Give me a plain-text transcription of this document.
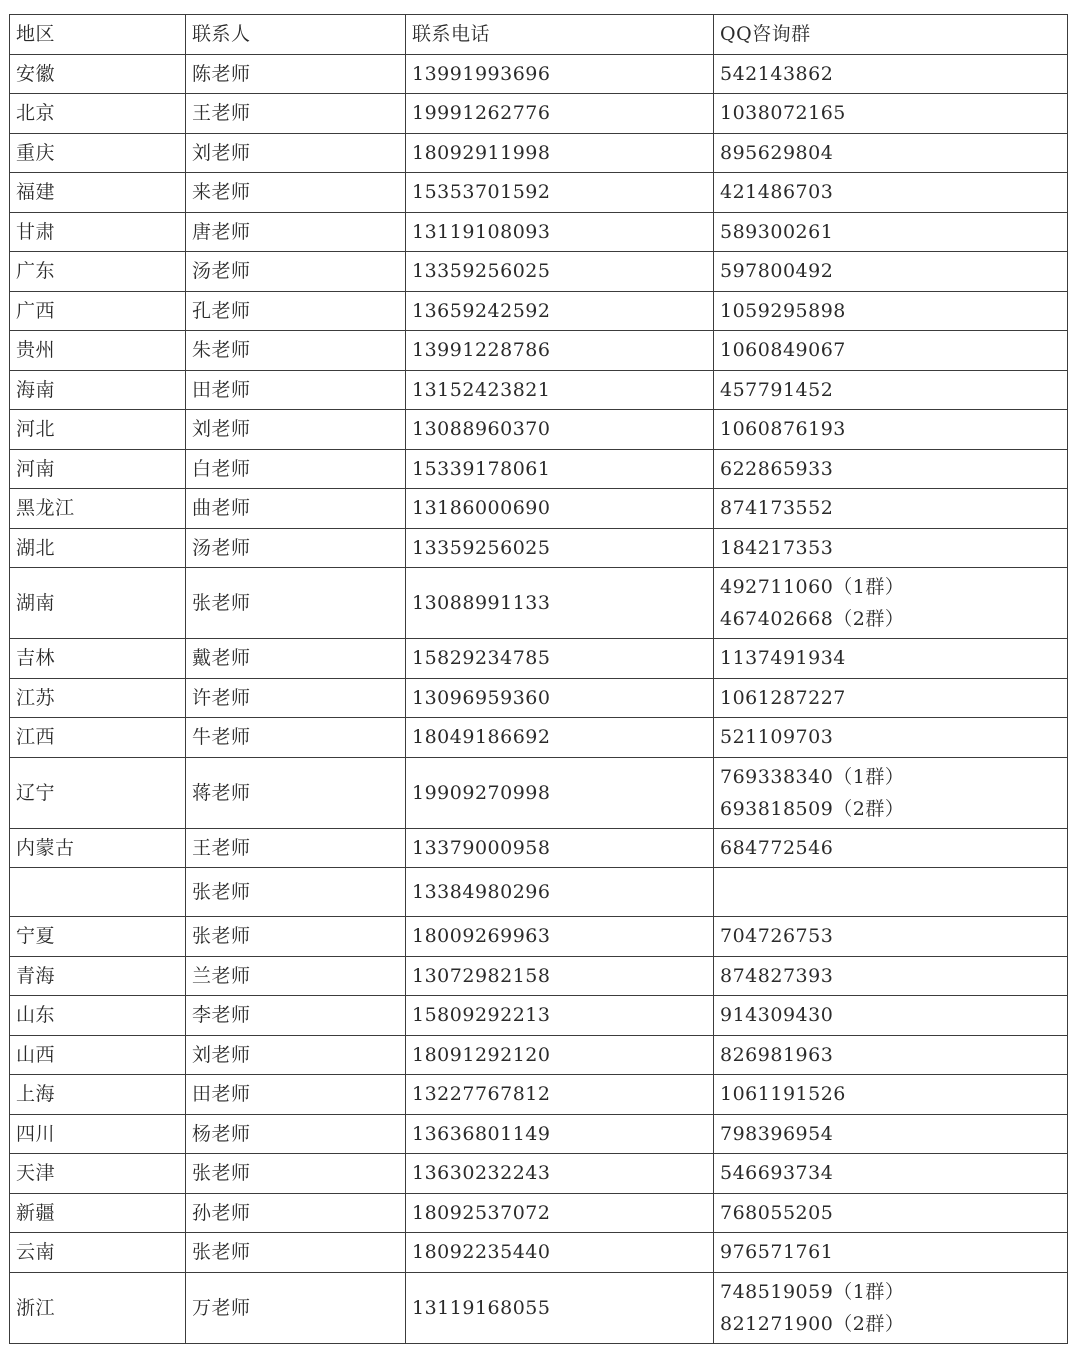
地区	联系人	联系电话	QQ咨询群
安徽	陈老师	13991993696	542143862

北京	王老师	19991262776	1038072165

重庆	刘老师	18092911998	895629804

福建	来老师	15353701592	421486703

甘肃	唐老师	13119108093	589300261

广东	汤老师	13359256025	597800492

广西	孔老师	13659242592	1059295898

贵州	朱老师	13991228786	1060849067

海南	田老师	13152423821	457791452

河北	刘老师	13088960370	1060876193

河南	白老师	15339178061	622865933

黑龙江	曲老师	13186000690	874173552

湖北	汤老师	13359256025	184217353

湖南	张老师	13088991133	492711060（1群）
467402668（2群）

吉林	戴老师	15829234785	1137491934

江苏	许老师	13096959360	1061287227

江西	牛老师	18049186692	521109703

辽宁	蒋老师	19909270998	769338340（1群）
693818509（2群）

内蒙古	王老师	13379000958	684772546

	张老师	13384980296	

宁夏	张老师	18009269963	704726753

青海	兰老师	13072982158	874827393

山东	李老师	15809292213	914309430

山西	刘老师	18091292120	826981963

上海	田老师	13227767812	1061191526

四川	杨老师	13636801149	798396954

天津	张老师	13630232243	546693734

新疆	孙老师	18092537072	768055205

云南	张老师	18092235440	976571761

浙江	万老师	13119168055	748519059（1群）
821271900（2群）
